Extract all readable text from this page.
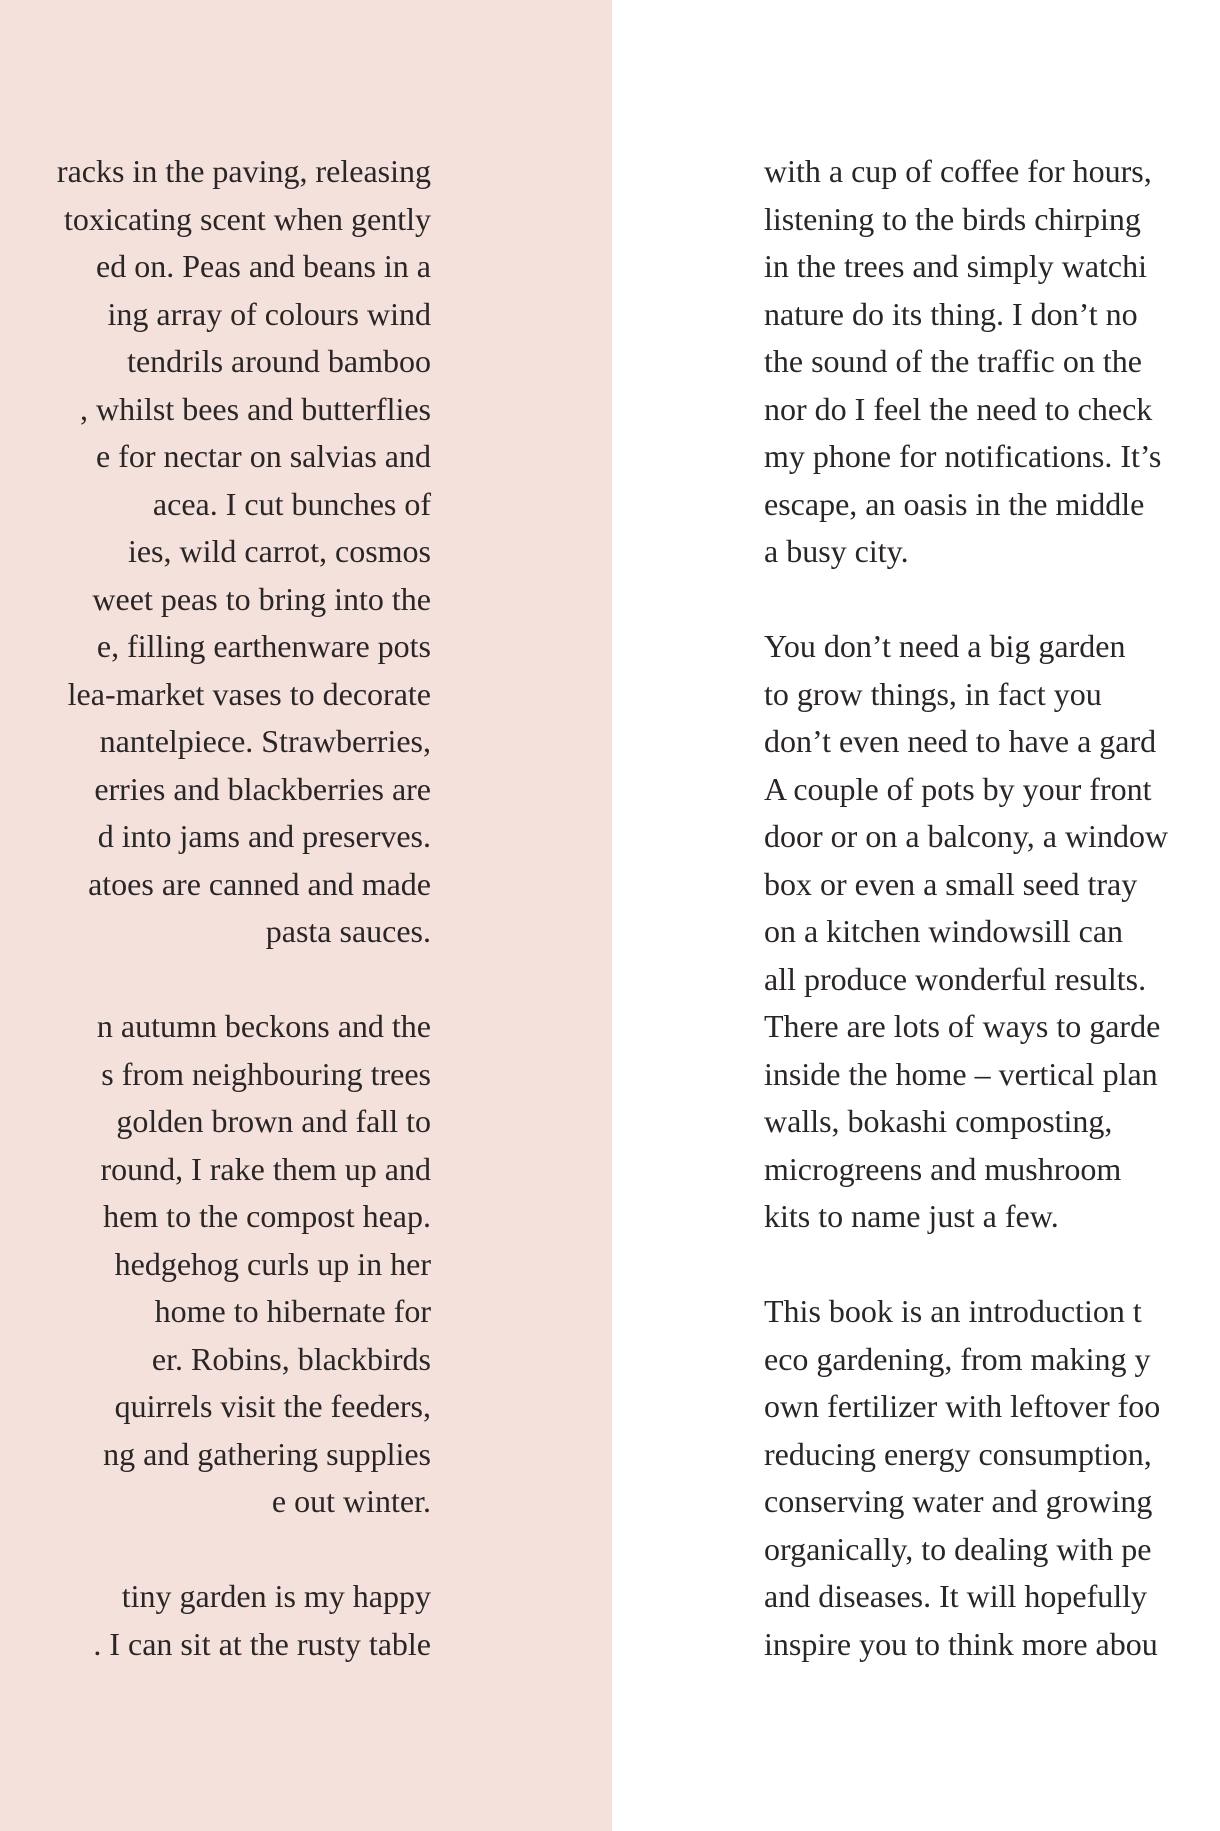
racks in the paving, releasing
toxicating scent when gently
ed on. Peas and beans in a
ing array of colours wind
tendrils around bamboo
, whilst bees and butterflies
e for nectar on salvias and
acea. I cut bunches of
ies, wild carrot, cosmos
weet peas to bring into the
e, filling earthenware pots
lea-market vases to decorate
nantelpiece. Strawberries,
erries and blackberries are
d into jams and preserves.
atoes are canned and made
pasta sauces.
n autumn beckons and the
s from neighbouring trees
golden brown and fall to
round, I rake them up and
hem to the compost heap.
hedgehog curls up in her
home to hibernate for
er. Robins, blackbirds
quirrels visit the feeders,
ng and gathering supplies
e out winter.
tiny garden is my happy
. I can sit at the rusty table
with a cup of coffee for hours,
listening to the birds chirping
in the trees and simply watchi
nature do its thing. I don’t no
the sound of the traffic on the
nor do I feel the need to check
my phone for notifications. It’s
escape, an oasis in the middle
a busy city.
You don’t need a big garden
to grow things, in fact you
don’t even need to have a gard
A couple of pots by your front
door or on a balcony, a window
box or even a small seed tray
on a kitchen windowsill can
all produce wonderful results.
There are lots of ways to garde
inside the home – vertical plan
walls, bokashi composting,
microgreens and mushroom
kits to name just a few.
This book is an introduction t
eco gardening, from making y
own fertilizer with leftover foo
reducing energy consumption,
conserving water and growing
organically, to dealing with pe
and diseases. It will hopefully
inspire you to think more abou
